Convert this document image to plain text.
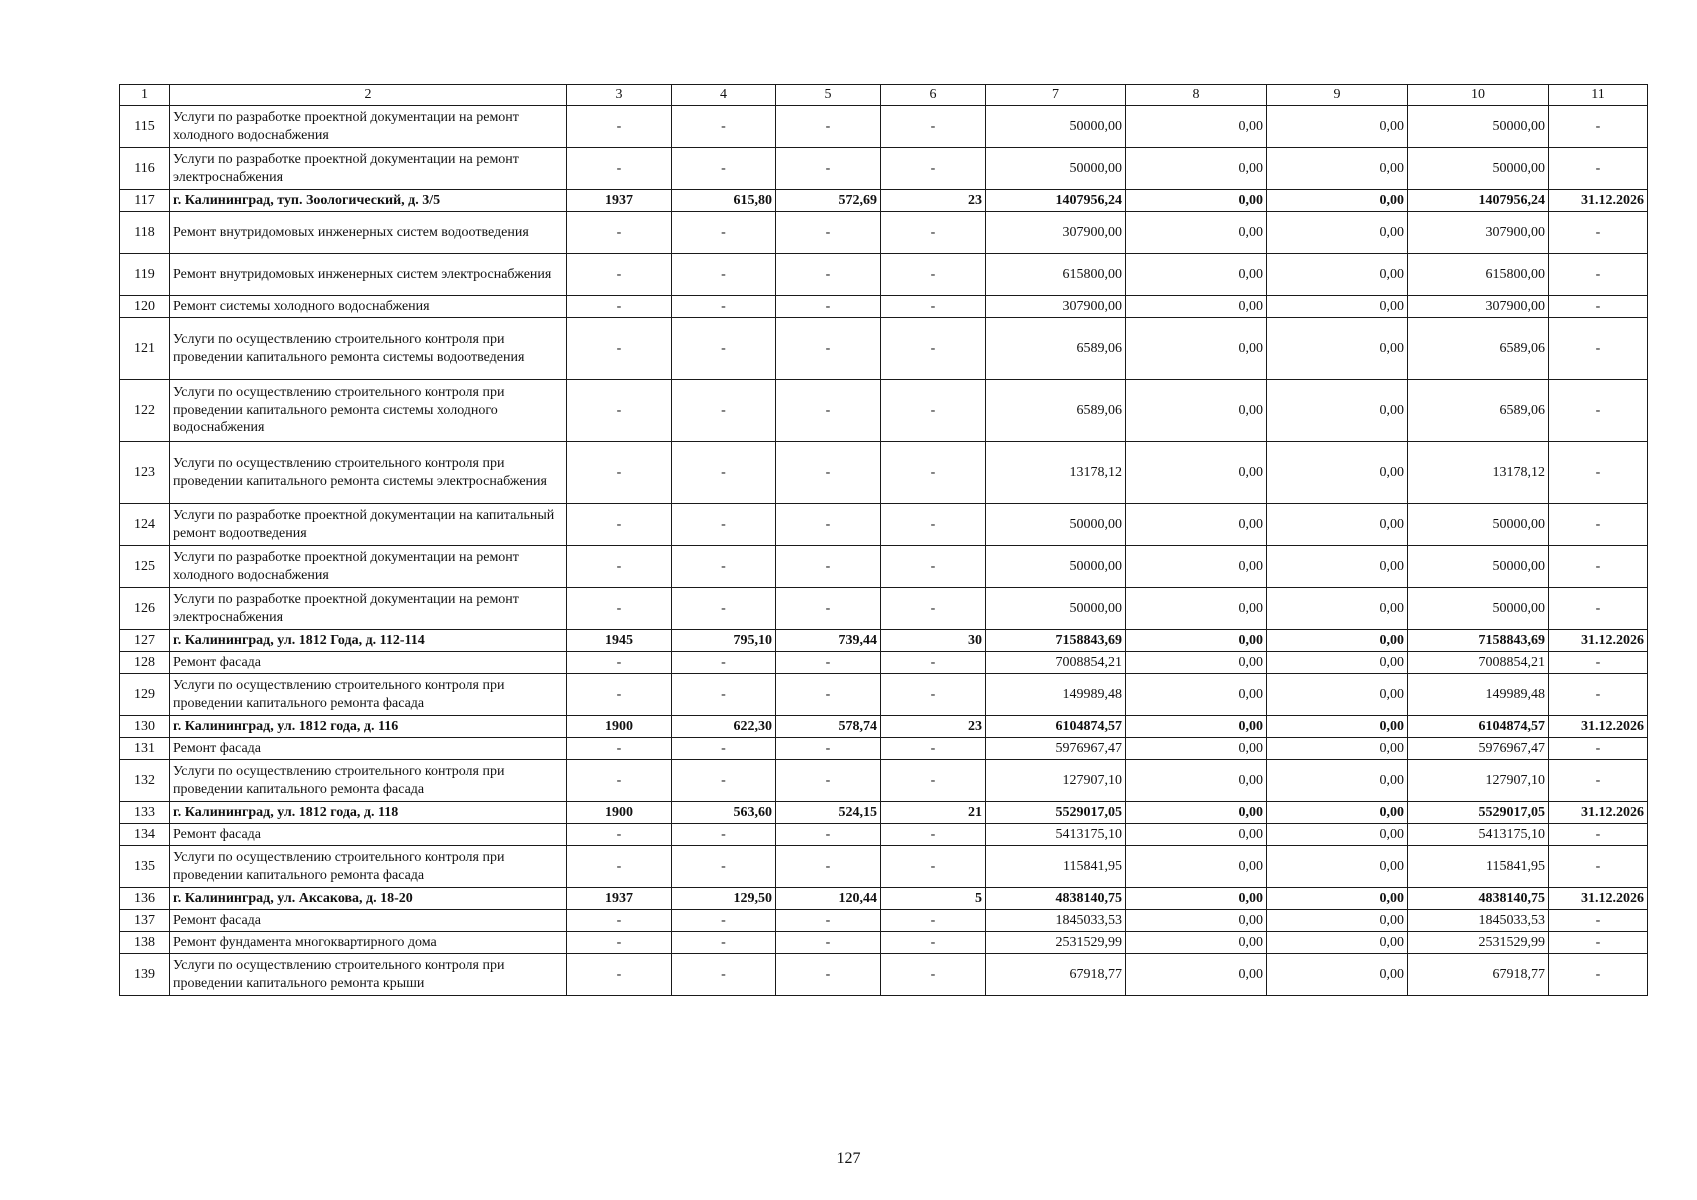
1	2	3	4	5	6	7	8	9	10	11
115	Услуги по разработке проектной документации на ремонт холодного водоснабжения	-	-	-	-	50000,00	0,00	0,00	50000,00	-
116	Услуги по разработке проектной документации на ремонт электроснабжения	-	-	-	-	50000,00	0,00	0,00	50000,00	-
117	г. Калининград, туп. Зоологический, д. 3/5	1937	615,80	572,69	23	1407956,24	0,00	0,00	1407956,24	31.12.2026
118	Ремонт внутридомовых инженерных систем водоотведения	-	-	-	-	307900,00	0,00	0,00	307900,00	-
119	Ремонт внутридомовых инженерных систем электроснабжения	-	-	-	-	615800,00	0,00	0,00	615800,00	-
120	Ремонт системы холодного водоснабжения	-	-	-	-	307900,00	0,00	0,00	307900,00	-
121	Услуги по осуществлению строительного контроля при проведении капитального ремонта системы водоотведения	-	-	-	-	6589,06	0,00	0,00	6589,06	-
122	Услуги по осуществлению строительного контроля при проведении капитального ремонта системы холодного водоснабжения	-	-	-	-	6589,06	0,00	0,00	6589,06	-
123	Услуги по осуществлению строительного контроля при проведении капитального ремонта системы электроснабжения	-	-	-	-	13178,12	0,00	0,00	13178,12	-
124	Услуги по разработке проектной документации на капитальный ремонт водоотведения	-	-	-	-	50000,00	0,00	0,00	50000,00	-
125	Услуги по разработке проектной документации на ремонт холодного водоснабжения	-	-	-	-	50000,00	0,00	0,00	50000,00	-
126	Услуги по разработке проектной документации на ремонт электроснабжения	-	-	-	-	50000,00	0,00	0,00	50000,00	-
127	г. Калининград, ул. 1812 Года, д. 112-114	1945	795,10	739,44	30	7158843,69	0,00	0,00	7158843,69	31.12.2026
128	Ремонт фасада	-	-	-	-	7008854,21	0,00	0,00	7008854,21	-
129	Услуги по осуществлению строительного контроля при проведении капитального ремонта фасада	-	-	-	-	149989,48	0,00	0,00	149989,48	-
130	г. Калининград, ул. 1812 года, д. 116	1900	622,30	578,74	23	6104874,57	0,00	0,00	6104874,57	31.12.2026
131	Ремонт фасада	-	-	-	-	5976967,47	0,00	0,00	5976967,47	-
132	Услуги по осуществлению строительного контроля при проведении капитального ремонта фасада	-	-	-	-	127907,10	0,00	0,00	127907,10	-
133	г. Калининград, ул. 1812 года, д. 118	1900	563,60	524,15	21	5529017,05	0,00	0,00	5529017,05	31.12.2026
134	Ремонт фасада	-	-	-	-	5413175,10	0,00	0,00	5413175,10	-
135	Услуги по осуществлению строительного контроля при проведении капитального ремонта фасада	-	-	-	-	115841,95	0,00	0,00	115841,95	-
136	г. Калининград, ул. Аксакова, д. 18-20	1937	129,50	120,44	5	4838140,75	0,00	0,00	4838140,75	31.12.2026
137	Ремонт фасада	-	-	-	-	1845033,53	0,00	0,00	1845033,53	-
138	Ремонт фундамента многоквартирного дома	-	-	-	-	2531529,99	0,00	0,00	2531529,99	-
139	Услуги по осуществлению строительного контроля при проведении капитального ремонта крыши	-	-	-	-	67918,77	0,00	0,00	67918,77	-
127
